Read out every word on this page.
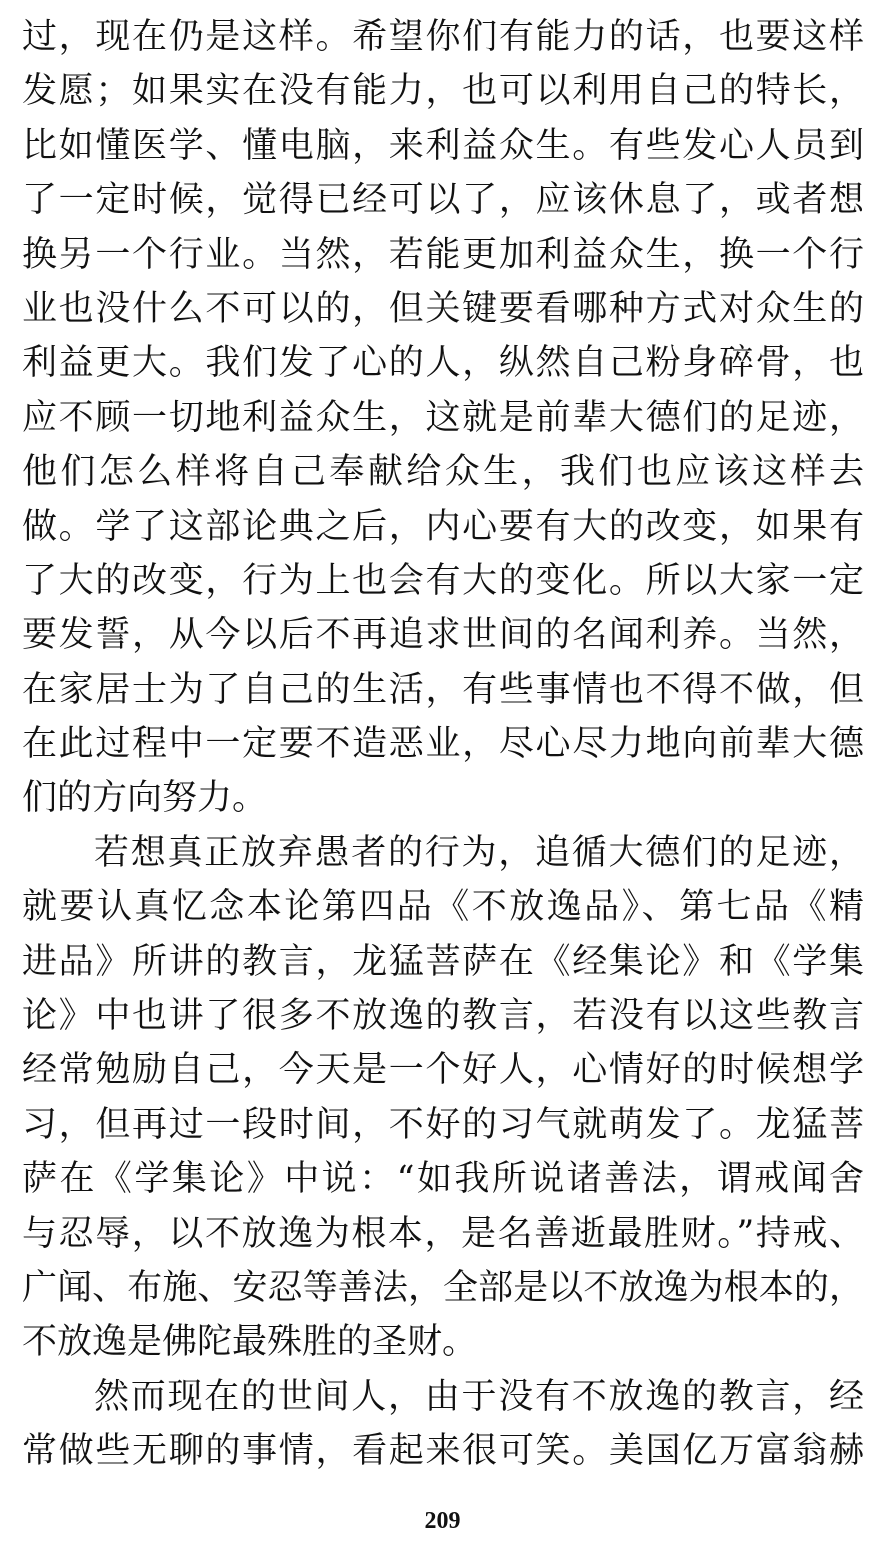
过，现在仍是这样。希望你们有能力的话，也要这样
发愿；如果实在没有能力，也可以利用自己的特长，
比如懂医学、懂电脑，来利益众生。有些发心人员到
了一定时候，觉得已经可以了，应该休息了，或者想
换另一个行业。当然，若能更加利益众生，换一个行
业也没什么不可以的，但关键要看哪种方式对众生的
利益更大。我们发了心的人，纵然自己粉身碎骨，也
应不顾一切地利益众生，这就是前辈大德们的足迹，
他们怎么样将自己奉献给众生，我们也应该这样去
做。学了这部论典之后，内心要有大的改变，如果有
了大的改变，行为上也会有大的变化。所以大家一定
要发誓，从今以后不再追求世间的名闻利养。当然，
在家居士为了自己的生活，有些事情也不得不做，但
在此过程中一定要不造恶业，尽心尽力地向前辈大德
们的方向努力。
若想真正放弃愚者的行为，追循大德们的足迹，
就要认真忆念本论第四品《不放逸品》、第七品《精
进品》所讲的教言，龙猛菩萨在《经集论》和《学集
论》中也讲了很多不放逸的教言，若没有以这些教言
经常勉励自己，今天是一个好人，心情好的时候想学
习，但再过一段时间，不好的习气就萌发了。龙猛菩
萨在《学集论》中说：“如我所说诸善法，谓戒闻舍
与忍辱，以不放逸为根本，是名善逝最胜财。”持戒、
广闻、布施、安忍等善法，全部是以不放逸为根本的，
不放逸是佛陀最殊胜的圣财。
然而现在的世间人，由于没有不放逸的教言，经
常做些无聊的事情，看起来很可笑。美国亿万富翁赫
209
